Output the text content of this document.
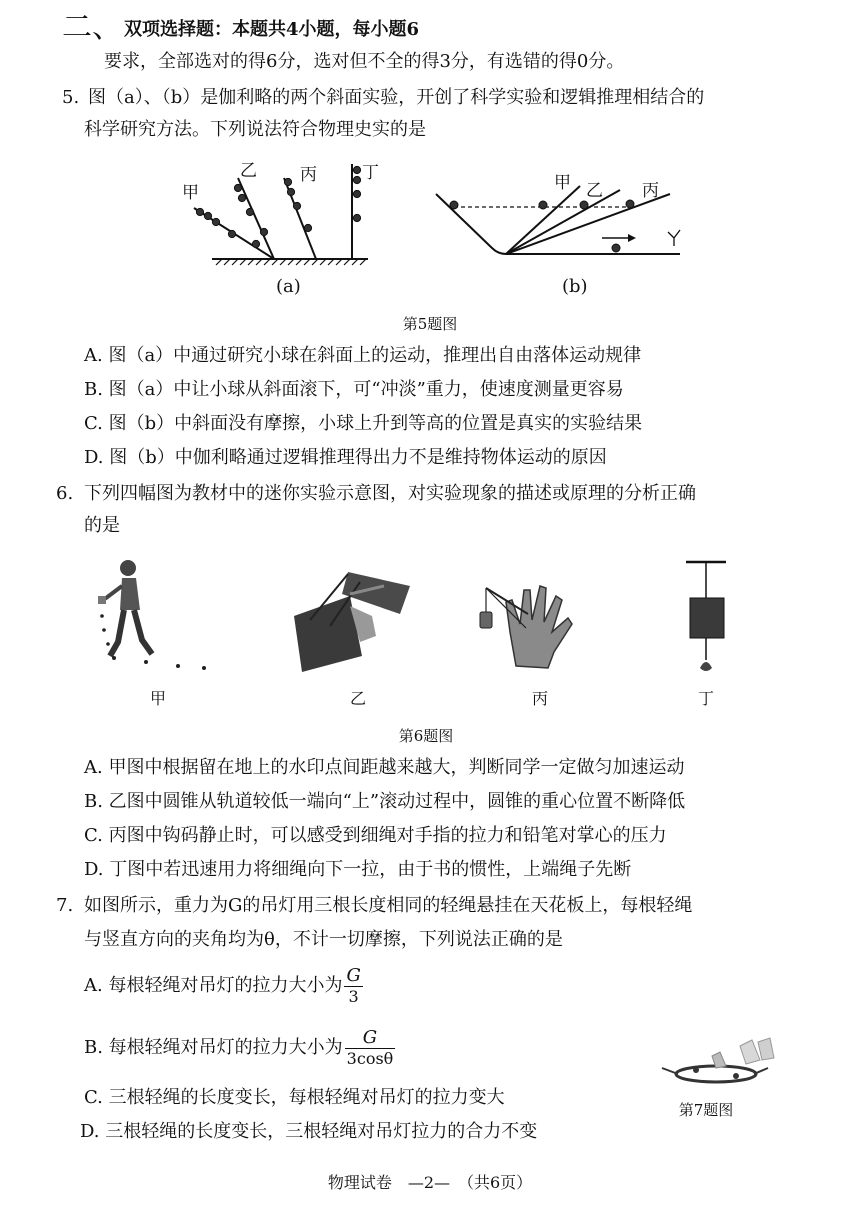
二、 双项选择题：本题共4小题，每小题6
要求，全部选对的得6分，选对但不全的得3分，有选错的得0分。
5. 图（a）、（b）是伽利略的两个斜面实验，开创了科学实验和逻辑推理相结合的
科学研究方法。下列说法符合物理史实的是
甲
乙	丙	丁
(a)
甲 乙 丙
(b)
第5题图
A. 图（a）中通过研究小球在斜面上的运动，推理出自由落体运动规律
B. 图（a）中让小球从斜面滚下，可“冲淡”重力，使速度测量更容易
C. 图（b）中斜面没有摩擦，小球上升到等高的位置是真实的实验结果
D. 图（b）中伽利略通过逻辑推理得出力不是维持物体运动的原因
6. 下列四幅图为教材中的迷你实验示意图，对实验现象的描述或原理的分析正确
的是
甲	乙	丙	丁
第6题图
A. 甲图中根据留在地上的水印点间距越来越大，判断同学一定做匀加速运动
B. 乙图中圆锥从轨道较低一端向“上”滚动过程中，圆锥的重心位置不断降低
C. 丙图中钩码静止时，可以感受到细绳对手指的拉力和铅笔对掌心的压力
D. 丁图中若迅速用力将细绳向下一拉，由于书的惯性，上端绳子先断
7. 如图所示，重力为G的吊灯用三根长度相同的轻绳悬挂在天花板上，每根轻绳
与竖直方向的夹角均为θ，不计一切摩擦，下列说法正确的是
A. 每根轻绳对吊灯的拉力大小为 $\frac{G}{3}$
B. 每根轻绳对吊灯的拉力大小为 $\frac{G}{3\cos\theta}$
C. 三根轻绳的长度变长，每根轻绳对吊灯的拉力变大
D. 三根轻绳的长度变长，三根轻绳对吊灯拉力的合力不变
第7题图
物理试卷　—2—　（共6页）
